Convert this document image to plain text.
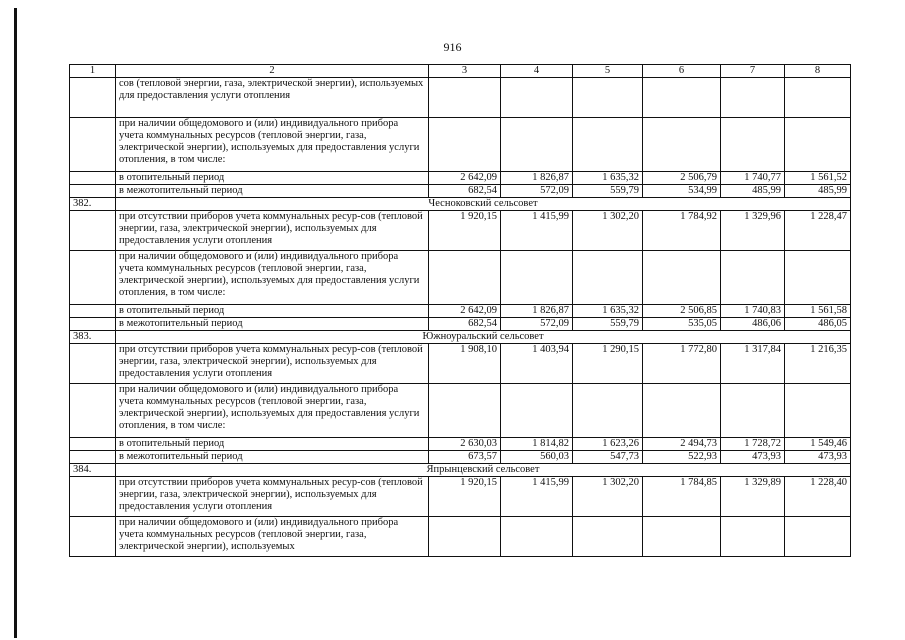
916
1	2	3	4	5	6	7	8
	сов (тепловой энергии, газа, электрической энергии), используемых для предоставления услуги отопления						
	при наличии общедомового и (или) индивидуального прибора учета коммунальных ресурсов (тепловой энергии, газа, электрической энергии), используемых для предоставления услуги отопления, в том числе:						
	в отопительный период	2 642,09	1 826,87	1 635,32	2 506,79	1 740,77	1 561,52
	в межотопительный период	682,54	572,09	559,79	534,99	485,99	485,99
382.	Чесноковский сельсовет						
	при отсутствии приборов учета коммунальных ресур-сов (тепловой энергии, газа, электрической энергии), используемых для предоставления услуги отопления	1 920,15	1 415,99	1 302,20	1 784,92	1 329,96	1 228,47
	при наличии общедомового и (или) индивидуального прибора учета коммунальных ресурсов (тепловой энергии, газа, электрической энергии), используемых для предоставления услуги отопления, в том числе:						
	в отопительный период	2 642,09	1 826,87	1 635,32	2 506,85	1 740,83	1 561,58
	в межотопительный период	682,54	572,09	559,79	535,05	486,06	486,05
383.	Южноуральский сельсовет						
	при отсутствии приборов учета коммунальных ресур-сов (тепловой энергии, газа, электрической энергии), используемых для предоставления услуги отопления	1 908,10	1 403,94	1 290,15	1 772,80	1 317,84	1 216,35
	при наличии общедомового и (или) индивидуального прибора учета коммунальных ресурсов (тепловой энергии, газа, электрической энергии), используемых для предоставления услуги отопления, в том числе:						
	в отопительный период	2 630,03	1 814,82	1 623,26	2 494,73	1 728,72	1 549,46
	в межотопительный период	673,57	560,03	547,73	522,93	473,93	473,93
384.	Япрынцевский сельсовет						
	при отсутствии приборов учета коммунальных ресур-сов (тепловой энергии, газа, электрической энергии), используемых для предоставления услуги отопления	1 920,15	1 415,99	1 302,20	1 784,85	1 329,89	1 228,40
	при наличии общедомового и (или) индивидуального прибора учета коммунальных ресурсов (тепловой энергии, газа, электрической энергии), используемых						
